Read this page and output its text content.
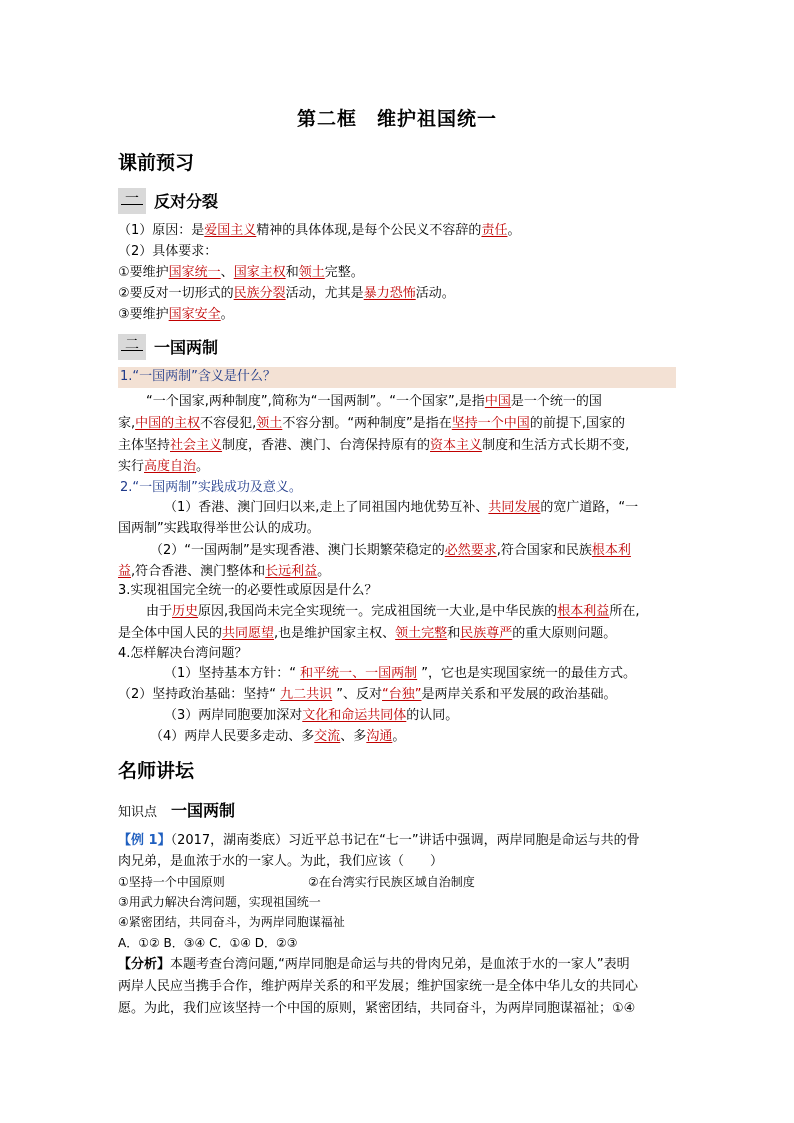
第二框　维护祖国统一
课前预习
一 反对分裂
（1）原因：是爱国主义精神的具体体现,是每个公民义不容辞的责任。
（2）具体要求：
①要维护国家统一、国家主权和领土完整。
②要反对一切形式的民族分裂活动，尤其是暴力恐怖活动。
③要维护国家安全。
二 一国两制
1.“一国两制”含义是什么？
“一个国家,两种制度”,简称为“一国两制”。“一个国家”,是指中国是一个统一的国
家,中国的主权不容侵犯,领土不容分割。“两种制度”是指在坚持一个中国的前提下,国家的
主体坚持社会主义制度，香港、澳门、台湾保持原有的资本主义制度和生活方式长期不变,
实行高度自治。
2.“一国两制”实践成功及意义。
（1）香港、澳门回归以来,走上了同祖国内地优势互补、共同发展的宽广道路，“一
国两制”实践取得举世公认的成功。
（2）“一国两制”是实现香港、澳门长期繁荣稳定的必然要求,符合国家和民族根本利
益,符合香港、澳门整体和长远利益。
3.实现祖国完全统一的必要性或原因是什么？
由于历史原因,我国尚未完全实现统一。完成祖国统一大业,是中华民族的根本利益所在,
是全体中国人民的共同愿望,也是维护国家主权、领土完整和民族尊严的重大原则问题。
4.怎样解决台湾问题？
（1）坚持基本方针：“ 和平统一、一国两制 ”，它也是实现国家统一的最佳方式。
（2）坚持政治基础：坚持“ 九二共识 ”、反对“台独”是两岸关系和平发展的政治基础。
（3）两岸同胞要加深对文化和命运共同体的认同。
（4）两岸人民要多走动、多交流、多沟通。
名师讲坛
知识点 一国两制
【例 1】（2017，湖南娄底）习近平总书记在“七一”讲话中强调，两岸同胞是命运与共的骨
肉兄弟，是血浓于水的一家人。为此，我们应该（　　）
①坚持一个中国原则	②在台湾实行民族区域自治制度
③用武力解决台湾问题，实现祖国统一
④紧密团结，共同奋斗，为两岸同胞谋福祉
A．①② B．③④ C．①④ D．②③
【分析】本题考查台湾问题,“两岸同胞是命运与共的骨肉兄弟，是血浓于水的一家人”表明
两岸人民应当携手合作，维护两岸关系的和平发展；维护国家统一是全体中华儿女的共同心
愿。为此，我们应该坚持一个中国的原则，紧密团结，共同奋斗，为两岸同胞谋福祉；①④
